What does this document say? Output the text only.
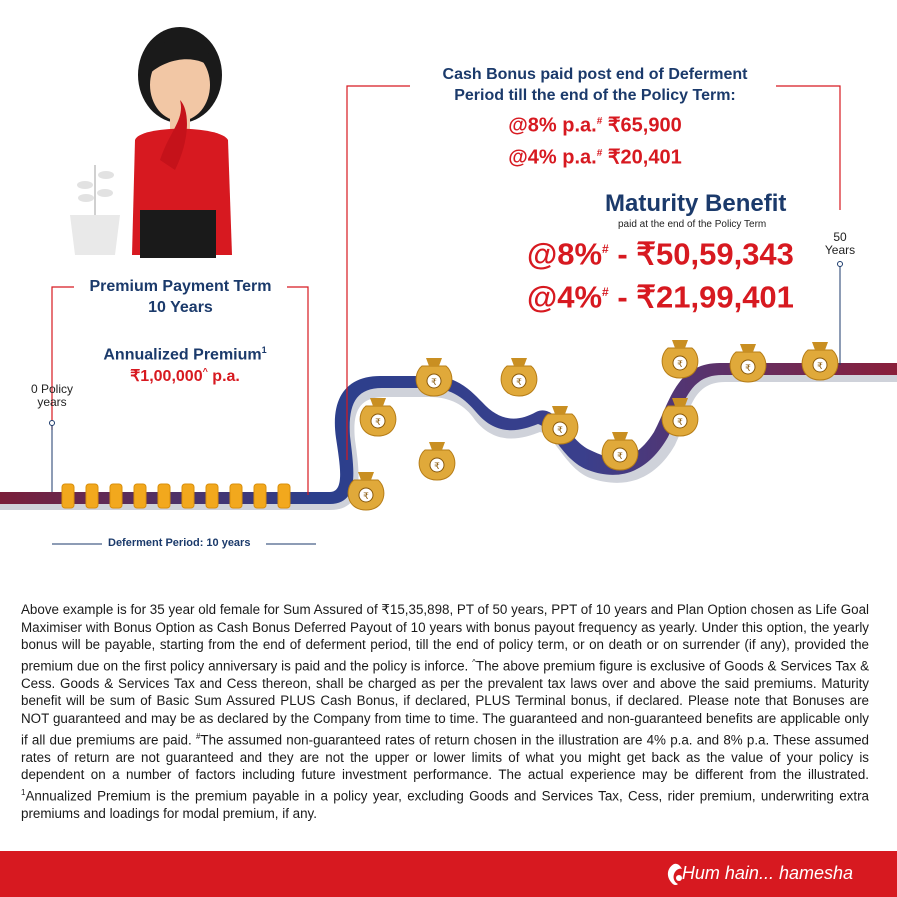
₹
₹
₹
₹	₹
₹
₹
₹
₹
₹	₹
Cash Bonus paid post end of Deferment
Period till the end of the Policy Term:
@8% p.a.# ₹65,900
@4% p.a.# ₹20,401
Maturity Benefit
paid at the end of the Policy Term
@8%# - ₹50,59,343
@4%# - ₹21,99,401
50
Years
Premium Payment Term
10 Years
Annualized Premium$^1$
₹1,00,000^ p.a.
0 Policy
years
Deferment Period: 10 years
Above example is for 35 year old female for Sum Assured of ₹15,35,898, PT of 50 years, PPT of 10 years and Plan Option chosen as Life Goal Maximiser with Bonus Option as Cash Bonus Deferred Payout of 10 years with bonus payout frequency as yearly. Under this option, the yearly bonus will be payable, starting from the end of deferment period, till the end of policy term, or on death or on surrender (if any), provided the premium due on the first policy anniversary is paid and the policy is inforce. ^The above premium figure is exclusive of Goods & Services Tax & Cess. Goods & Services Tax and Cess thereon, shall be charged as per the prevalent tax laws over and above the said premiums. Maturity benefit will be sum of Basic Sum Assured PLUS Cash Bonus, if declared, PLUS Terminal bonus, if declared. Please note that Bonuses are NOT guaranteed and may be as declared by the Company from time to time. The guaranteed and non-guaranteed benefits are applicable only if all due premiums are paid. #The assumed non-guaranteed rates of return chosen in the illustration are 4% p.a. and 8% p.a. These assumed rates of return are not guaranteed and they are not the upper or lower limits of what you might get back as the value of your policy is dependent on a number of factors including future investment performance. The actual experience may be different from the illustrated. $^1$Annualized Premium is the premium payable in a policy year, excluding Goods and Services Tax, Cess, rider premium, underwriting extra premiums and loadings for modal premium, if any.
Hum hain... hamesha
